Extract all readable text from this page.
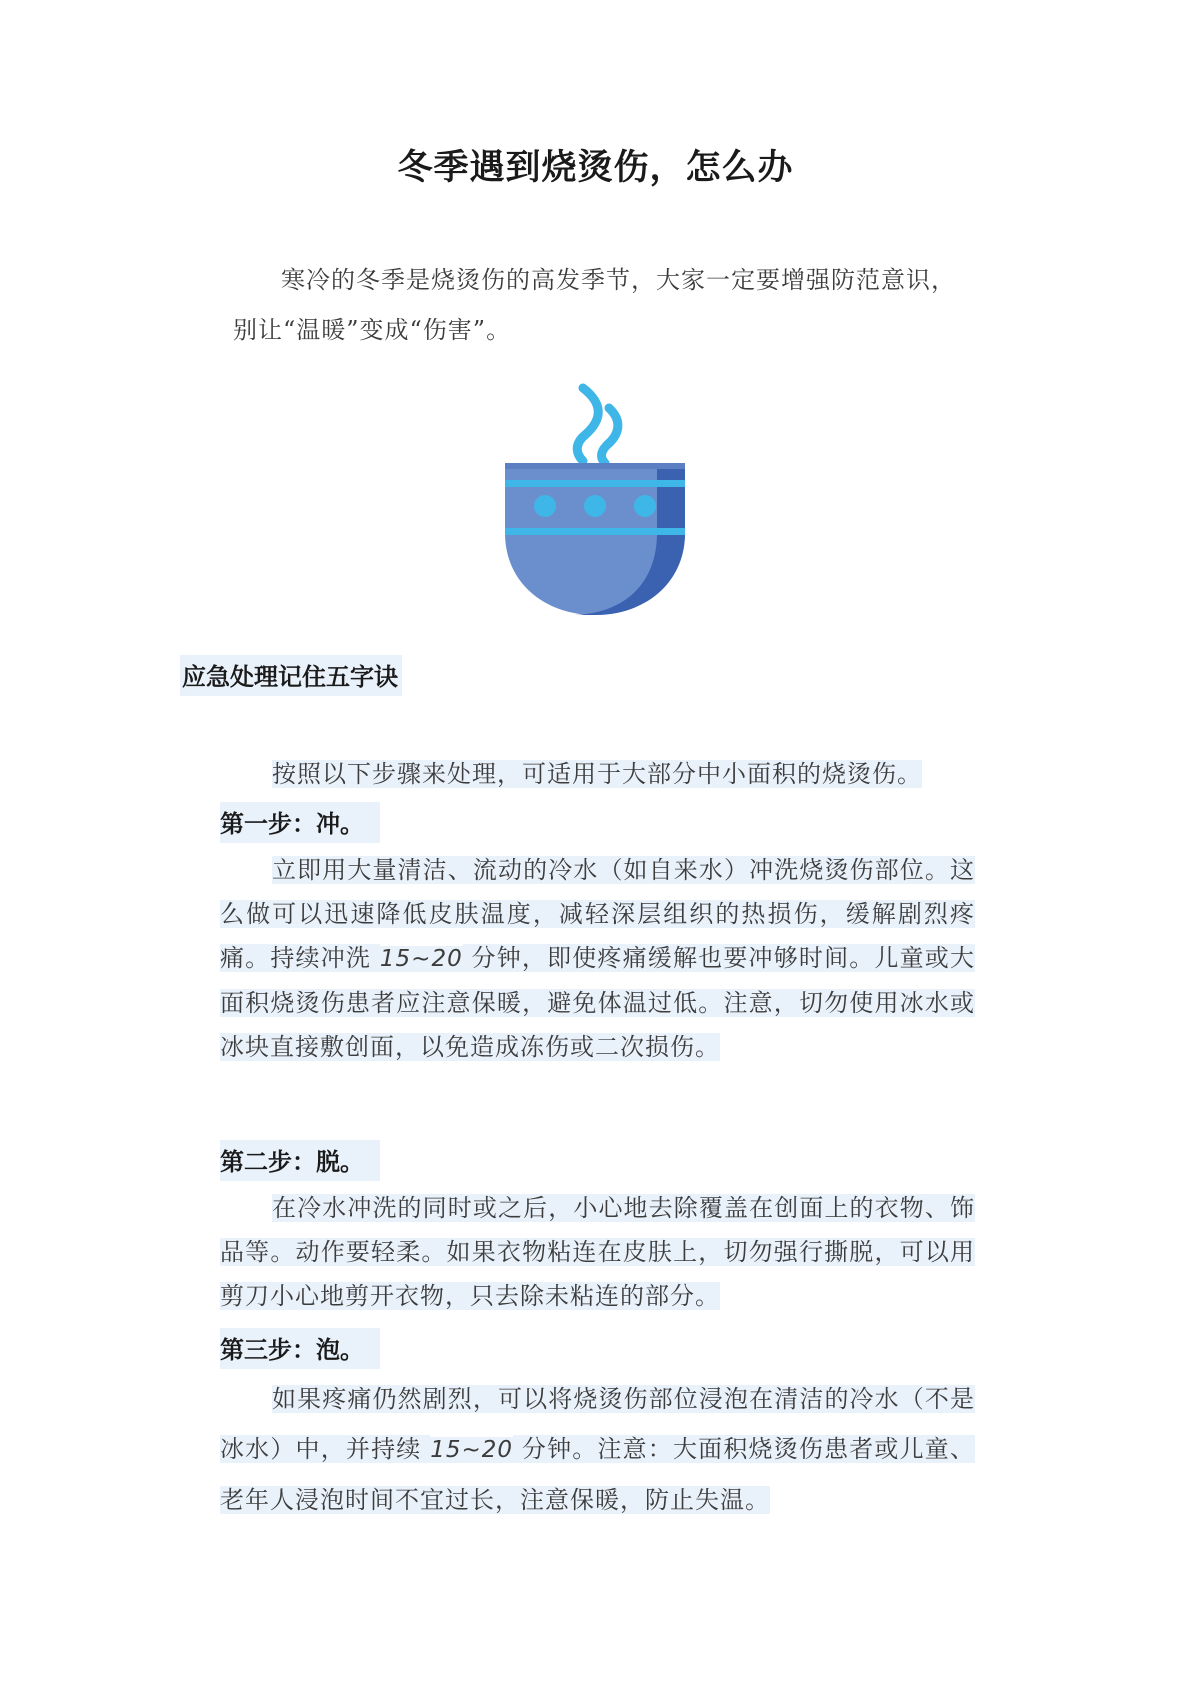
冬季遇到烧烫伤，怎么办

寒冷的冬季是烧烫伤的高发季节，大家一定要增强防范意识，别让“温暖”变成“伤害”。

应急处理记住五字诀

按照以下步骤来处理，可适用于大部分中小面积的烧烫伤。

第一步：冲。

立即用大量清洁、流动的冷水（如自来水）冲洗烧烫伤部位。这么做可以迅速降低皮肤温度，减轻深层组织的热损伤，缓解剧烈疼痛。持续冲洗 15~20 分钟，即使疼痛缓解也要冲够时间。儿童或大面积烧烫伤患者应注意保暖，避免体温过低。注意，切勿使用冰水或冰块直接敷创面，以免造成冻伤或二次损伤。

第二步：脱。

在冷水冲洗的同时或之后，小心地去除覆盖在创面上的衣物、饰品等。动作要轻柔。如果衣物粘连在皮肤上，切勿强行撕脱，可以用剪刀小心地剪开衣物，只去除未粘连的部分。

第三步：泡。

如果疼痛仍然剧烈，可以将烧烫伤部位浸泡在清洁的冷水（不是冰水）中，并持续 15~20 分钟。注意：大面积烧烫伤患者或儿童、老年人浸泡时间不宜过长，注意保暖，防止失温。
